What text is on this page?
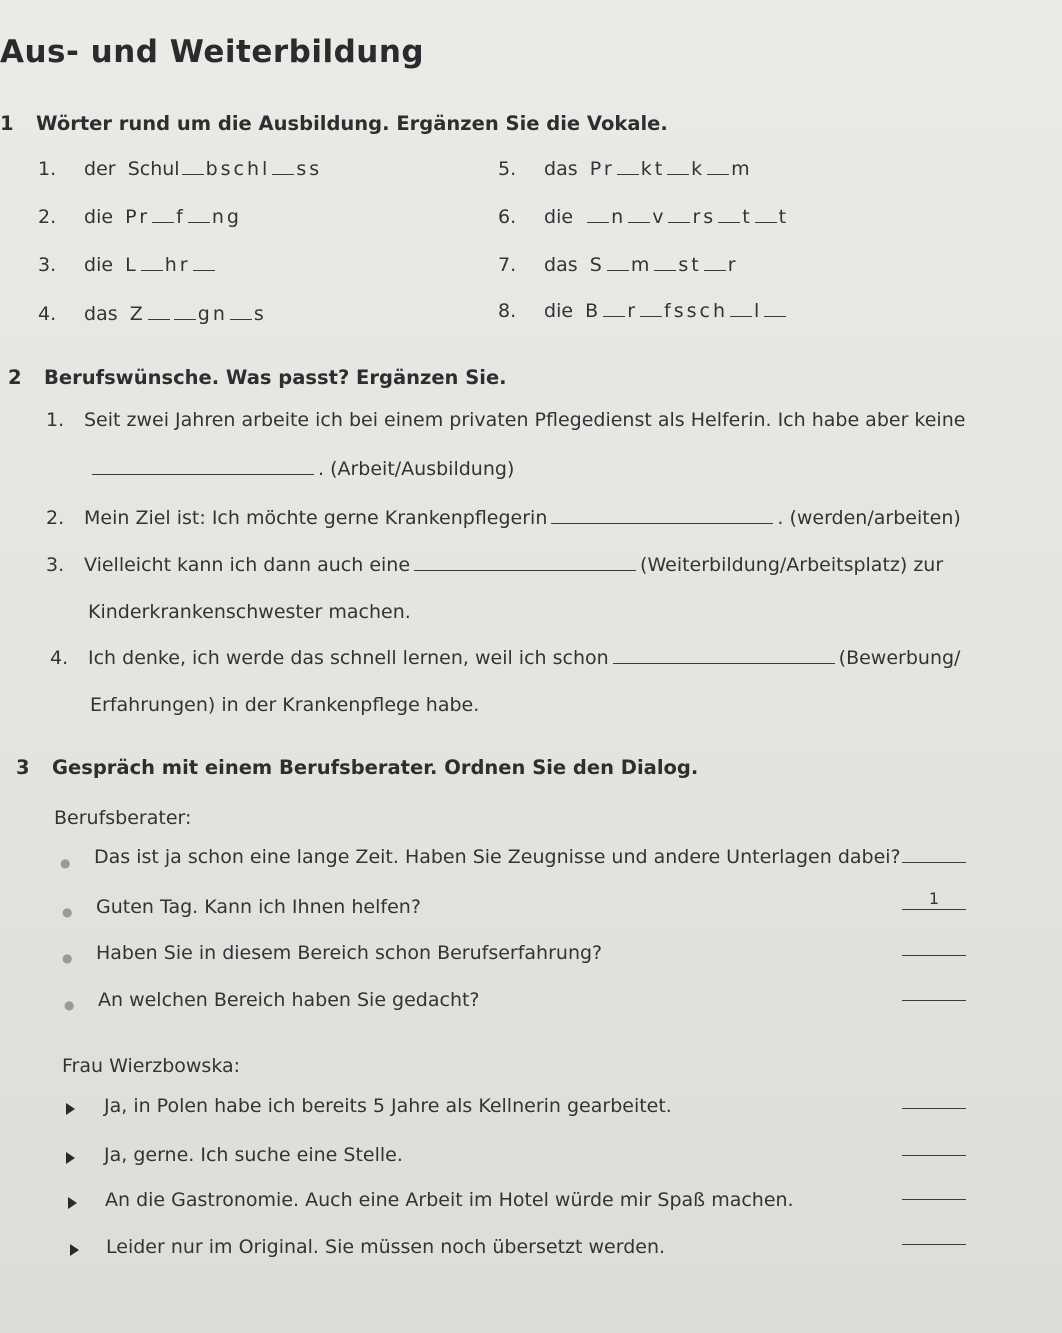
Aus- und Weiterbildung
1 Wörter rund um die Ausbildung. Ergänzen Sie die Vokale.
1. der Schul bschl ss
2. die Pr f ng
3. die L hr
4. das Z	gn s
5. das Pr kt k m
6. die n v rs t t
7. das S m st r
8. die B r fssch l
2 Berufswünsche. Was passt? Ergänzen Sie.
1. Seit zwei Jahren arbeite ich bei einem privaten Pflegedienst als Helferin. Ich habe aber keine
. (Arbeit/Ausbildung)
2. Mein Ziel ist: Ich möchte gerne Krankenpflegerin	. (werden/arbeiten)
3. Vielleicht kann ich dann auch eine	(Weiterbildung/Arbeitsplatz) zur
Kinderkrankenschwester machen.
4. Ich denke, ich werde das schnell lernen, weil ich schon	(Bewerbung/
Erfahrungen) in der Krankenpflege habe.
3 Gespräch mit einem Berufsberater. Ordnen Sie den Dialog.
Berufsberater:
● Das ist ja schon eine lange Zeit. Haben Sie Zeugnisse und andere Unterlagen dabei?
● Guten Tag. Kann ich Ihnen helfen?	1
● Haben Sie in diesem Bereich schon Berufserfahrung?
● An welchen Bereich haben Sie gedacht?
Frau Wierzbowska:
Ja, in Polen habe ich bereits 5 Jahre als Kellnerin gearbeitet.
Ja, gerne. Ich suche eine Stelle.
An die Gastronomie. Auch eine Arbeit im Hotel würde mir Spaß machen.
Leider nur im Original. Sie müssen noch übersetzt werden.
